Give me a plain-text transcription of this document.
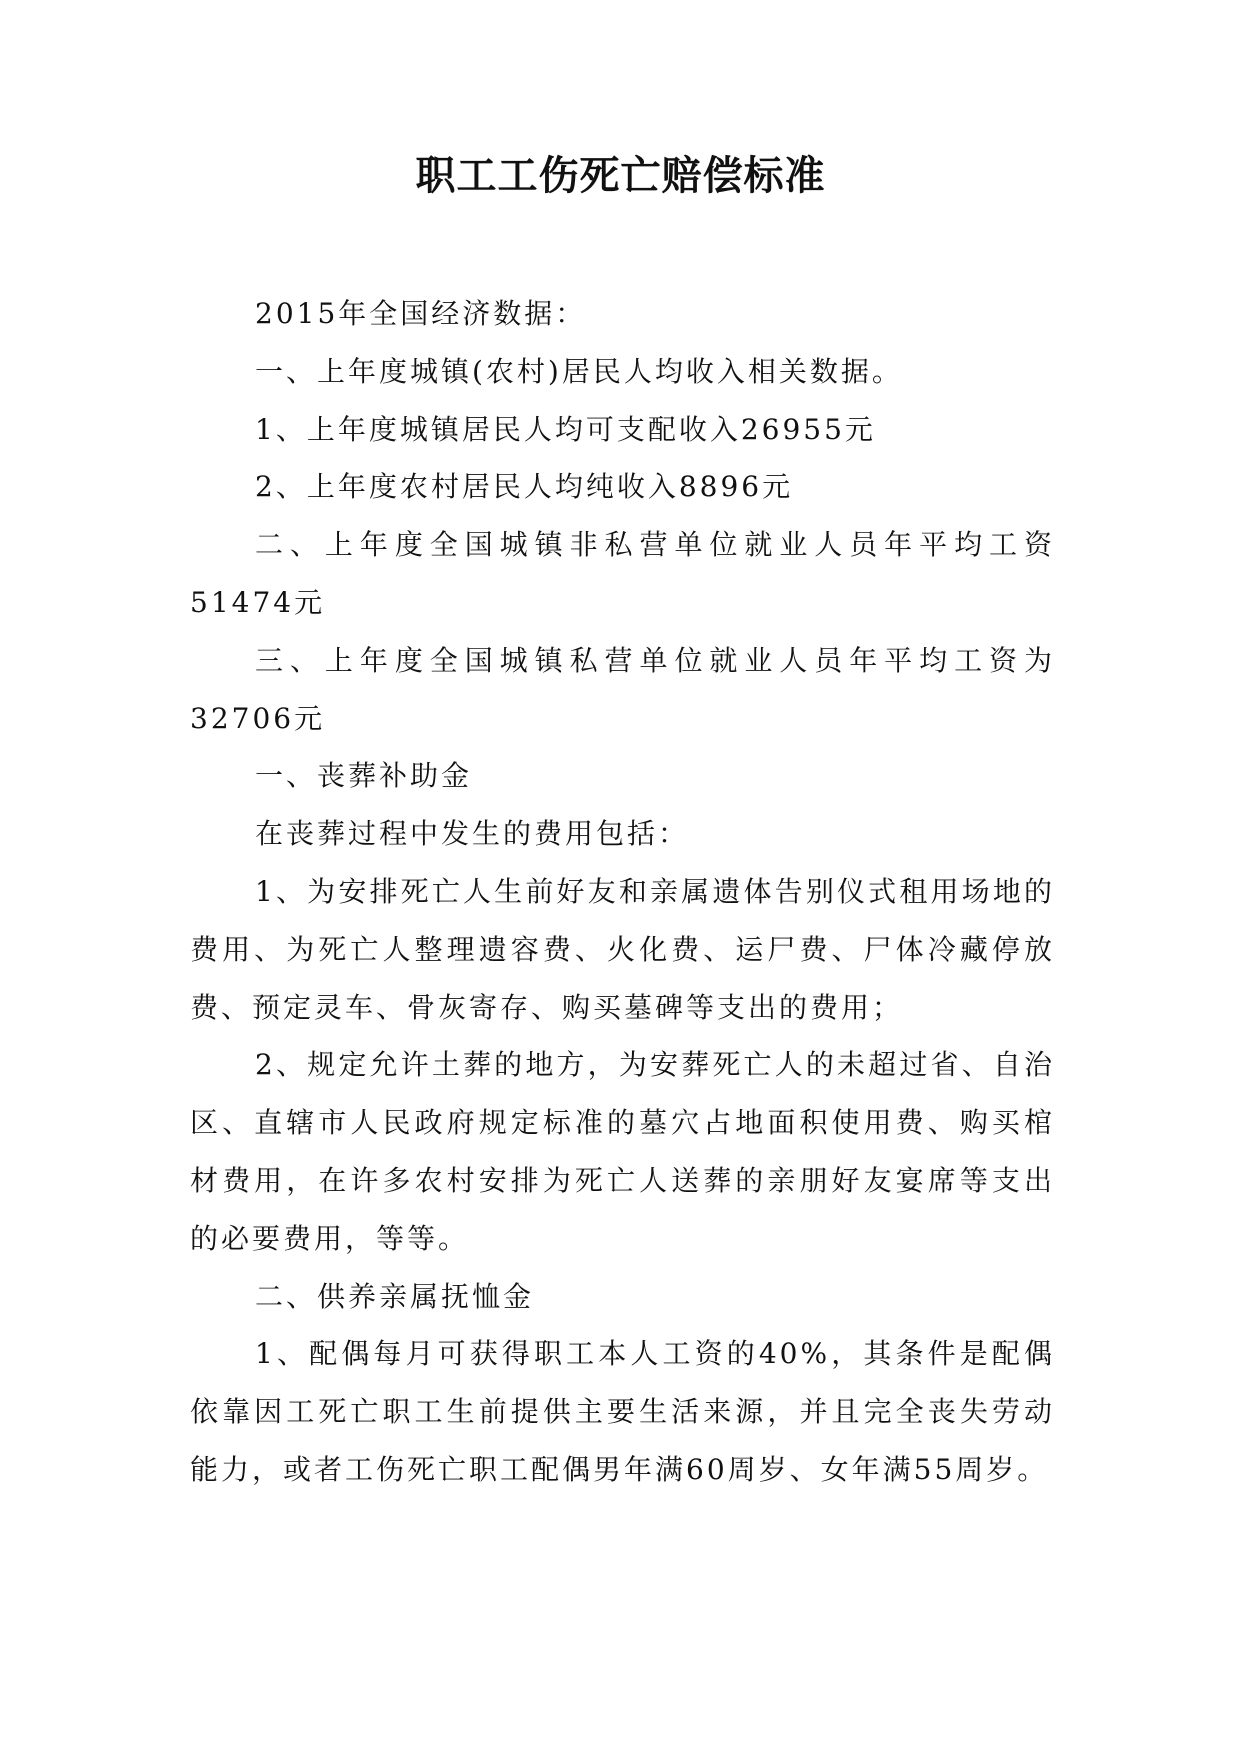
职工工伤死亡赔偿标准

2015年全国经济数据：

一、上年度城镇(农村)居民人均收入相关数据。

1、上年度城镇居民人均可支配收入26955元

2、上年度农村居民人均纯收入8896元

二、上年度全国城镇非私营单位就业人员年平均工资51474元

三、上年度全国城镇私营单位就业人员年平均工资为32706元

一、丧葬补助金

在丧葬过程中发生的费用包括：

1、为安排死亡人生前好友和亲属遗体告别仪式租用场地的费用、为死亡人整理遗容费、火化费、运尸费、尸体冷藏停放费、预定灵车、骨灰寄存、购买墓碑等支出的费用；

2、规定允许土葬的地方，为安葬死亡人的未超过省、自治区、直辖市人民政府规定标准的墓穴占地面积使用费、购买棺材费用，在许多农村安排为死亡人送葬的亲朋好友宴席等支出的必要费用，等等。

二、供养亲属抚恤金

1、配偶每月可获得职工本人工资的40%，其条件是配偶依靠因工死亡职工生前提供主要生活来源，并且完全丧失劳动能力，或者工伤死亡职工配偶男年满60周岁、女年满55周岁。
